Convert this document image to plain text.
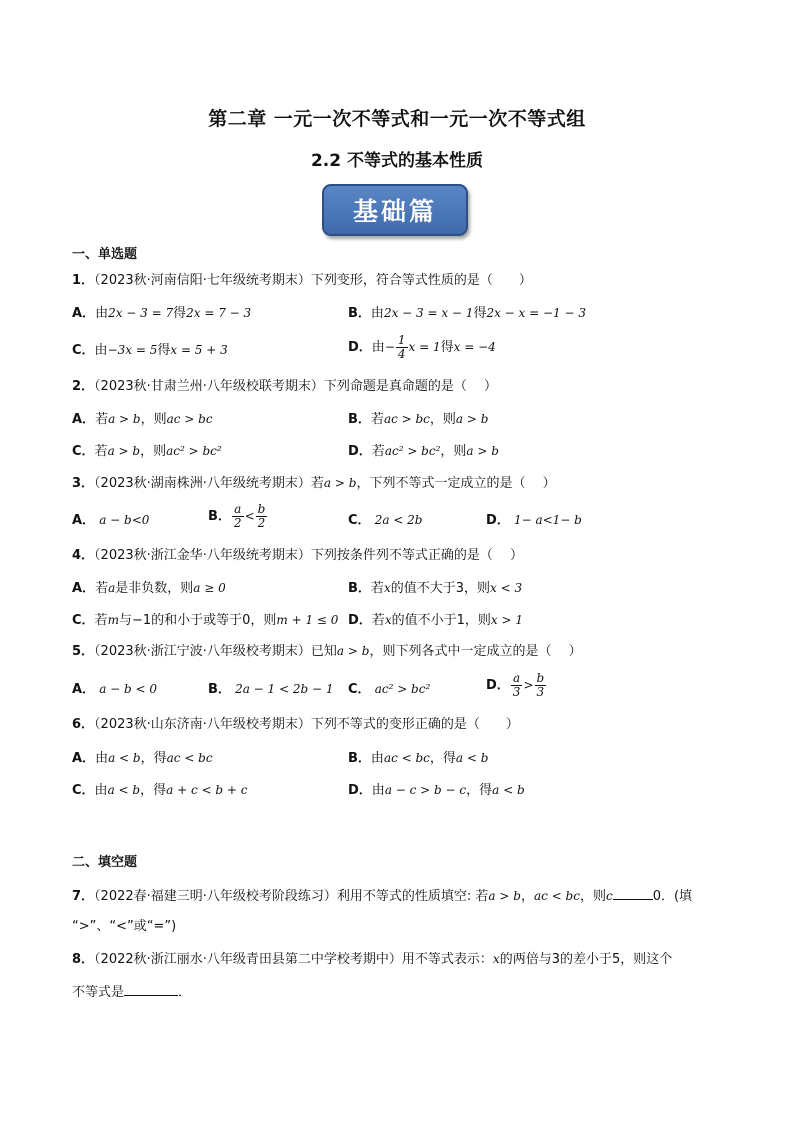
第二章 一元一次不等式和一元一次不等式组
2.2 不等式的基本性质
基础篇
一、单选题
1．（2023秋·河南信阳·七年级统考期末）下列变形，符合等式性质的是（　　）
A．由2x − 3 = 7得2x = 7 − 3	B．由2x − 3 = x − 1得2x − x = −1 − 3
C．由−3x = 5得x = 5 + 3	D．由− $\frac{1}{4}$ x = 1得x = −4
2．（2023秋·甘肃兰州·八年级校联考期末）下列命题是真命题的是（　 ）
A．若a > b，则ac > bc	B．若ac > bc，则a > b
C．若a > b，则ac² > bc²	D．若ac² > bc²，则a > b
3．（2023秋·湖南株洲·八年级统考期末）若a > b，下列不等式一定成立的是（　 ）
A． a − b<0	B． $\frac{a}{2} < \frac{b}{2}$	C． 2a < 2b	D． 1− a<1− b
4．（2023秋·浙江金华·八年级统考期末）下列按条件列不等式正确的是（　 ）
A．若a是非负数，则a ≥ 0	B．若x的值不大于3，则x < 3
C．若m与−1的和小于或等于0，则m + 1 ≤ 0 D．若x的值不小于1，则x > 1
5．（2023秋·浙江宁波·八年级校考期末）已知a > b，则下列各式中一定成立的是（　 ）
A． a − b < 0	B． 2a − 1 < 2b − 1 C． ac² > bc²	D． $\frac{a}{3} > \frac{b}{3}$
6．（2023秋·山东济南·八年级校考期末）下列不等式的变形正确的是（　　）
A．由a < b，得ac < bc	B．由ac < bc，得a < b
C．由a < b，得a + c < b + c	D．由a − c > b − c，得a < b
二、填空题
7．（2022春·福建三明·八年级校考阶段练习）利用不等式的性质填空: 若a > b，ac < bc，则c	0．(填
“>”、“<”或“=”)
8．（2022秋·浙江丽水·八年级青田县第二中学校考期中）用不等式表示：x的两倍与3的差小于5，则这个
不等式是	．
